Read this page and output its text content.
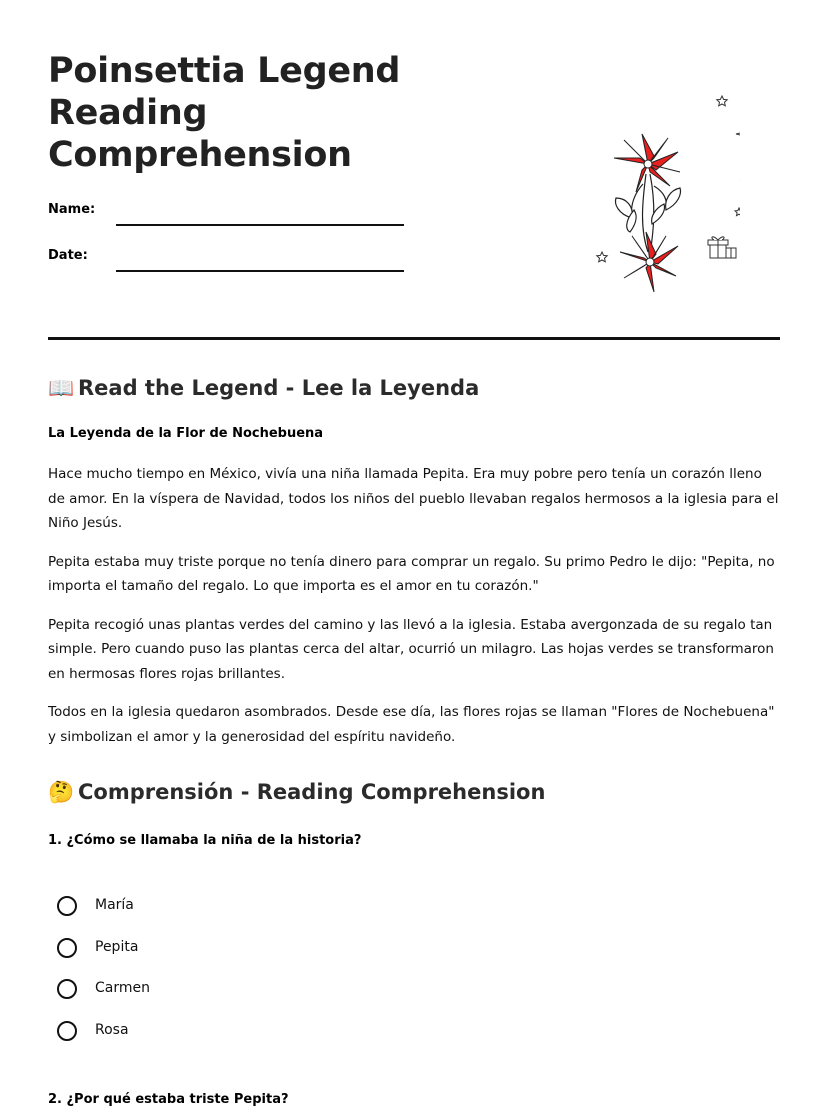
Poinsettia Legend
Reading
Comprehension
Name:
Date:
📖 Read the Legend - Lee la Leyenda
La Leyenda de la Flor de Nochebuena

Hace mucho tiempo en México, vivía una niña llamada Pepita. Era muy pobre pero tenía un corazón lleno de amor. En la víspera de Navidad, todos los niños del pueblo llevaban regalos hermosos a la iglesia para el Niño Jesús.

Pepita estaba muy triste porque no tenía dinero para comprar un regalo. Su primo Pedro le dijo: "Pepita, no importa el tamaño del regalo. Lo que importa es el amor en tu corazón."

Pepita recogió unas plantas verdes del camino y las llevó a la iglesia. Estaba avergonzada de su regalo tan simple. Pero cuando puso las plantas cerca del altar, ocurrió un milagro. Las hojas verdes se transformaron en hermosas flores rojas brillantes.

Todos en la iglesia quedaron asombrados. Desde ese día, las flores rojas se llaman "Flores de Nochebuena" y simbolizan el amor y la generosidad del espíritu navideño.

🤔 Comprensión - Reading Comprehension

1. ¿Cómo se llamaba la niña de la historia?

María
Pepita
Carmen
Rosa

2. ¿Por qué estaba triste Pepita?
